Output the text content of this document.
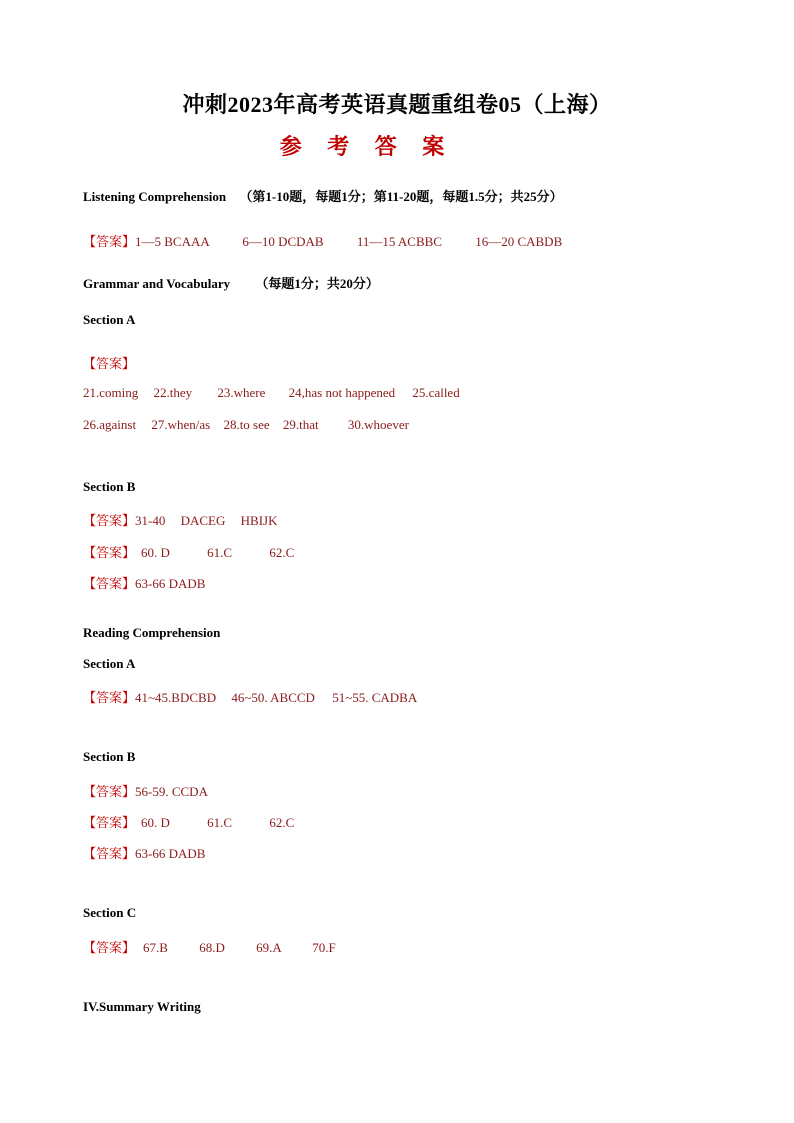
冲刺2023年高考英语真题重组卷05（上海）
参 考 答 案
Listening Comprehension （第1-10题，每题1分；第11-20题，每题1.5分；共25分）
【答案】1—5 BCAAA	6—10 DCDAB	11—15 ACBBC	16—20 CABDB
Grammar and Vocabulary （每题1分；共20分）
Section A
【答案】
21.coming 22.they 23.where 24,has not happened 25.called
26.against 27.when/as 28.to see 29.that 30.whoever
Section B
【答案】31-40 DACEG HBIJK
【答案】 60. D	61.C	62.C
【答案】63-66 DADB
Reading Comprehension
Section A
【答案】41~45.BDCBD 46~50. ABCCD 51~55. CADBA
Section B
【答案】56-59. CCDA
【答案】 60. D	61.C	62.C
【答案】63-66 DADB
Section C
【答案】 67.B 68.D 69.A 70.F
IV.Summary Writing
